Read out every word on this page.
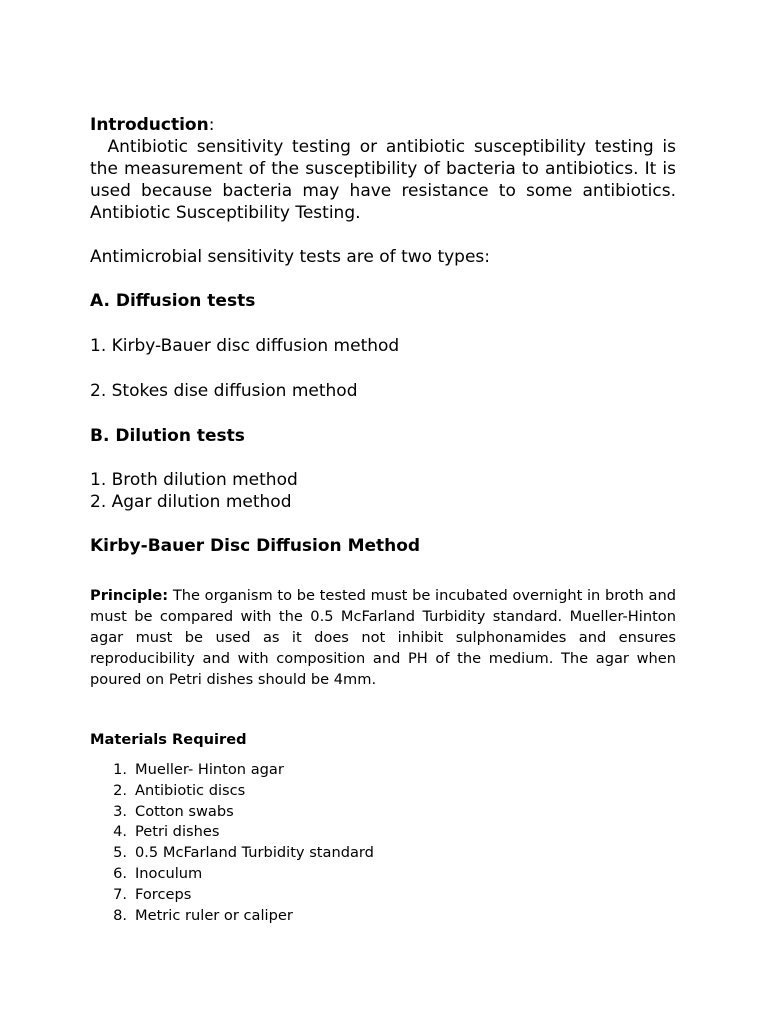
Introduction:
Antibiotic sensitivity testing or antibiotic susceptibility testing is the measurement of the susceptibility of bacteria to antibiotics. It is used because bacteria may have resistance to some antibiotics. Antibiotic Susceptibility Testing.
Antimicrobial sensitivity tests are of two types:
A. Diffusion tests
1. Kirby-Bauer disc diffusion method
2. Stokes dise diffusion method
B. Dilution tests
1. Broth dilution method
2. Agar dilution method
Kirby-Bauer Disc Diffusion Method
Principle: The organism to be tested must be incubated overnight in broth and must be compared with the 0.5 McFarland Turbidity standard. Mueller-Hinton agar must be used as it does not inhibit sulphonamides and ensures reproducibility and with composition and PH of the medium. The agar when poured on Petri dishes should be 4mm.
Materials Required
1. Mueller- Hinton agar
2. Antibiotic discs
3. Cotton swabs
4. Petri dishes
5. 0.5 McFarland Turbidity standard
6. Inoculum
7. Forceps
8. Metric ruler or caliper
